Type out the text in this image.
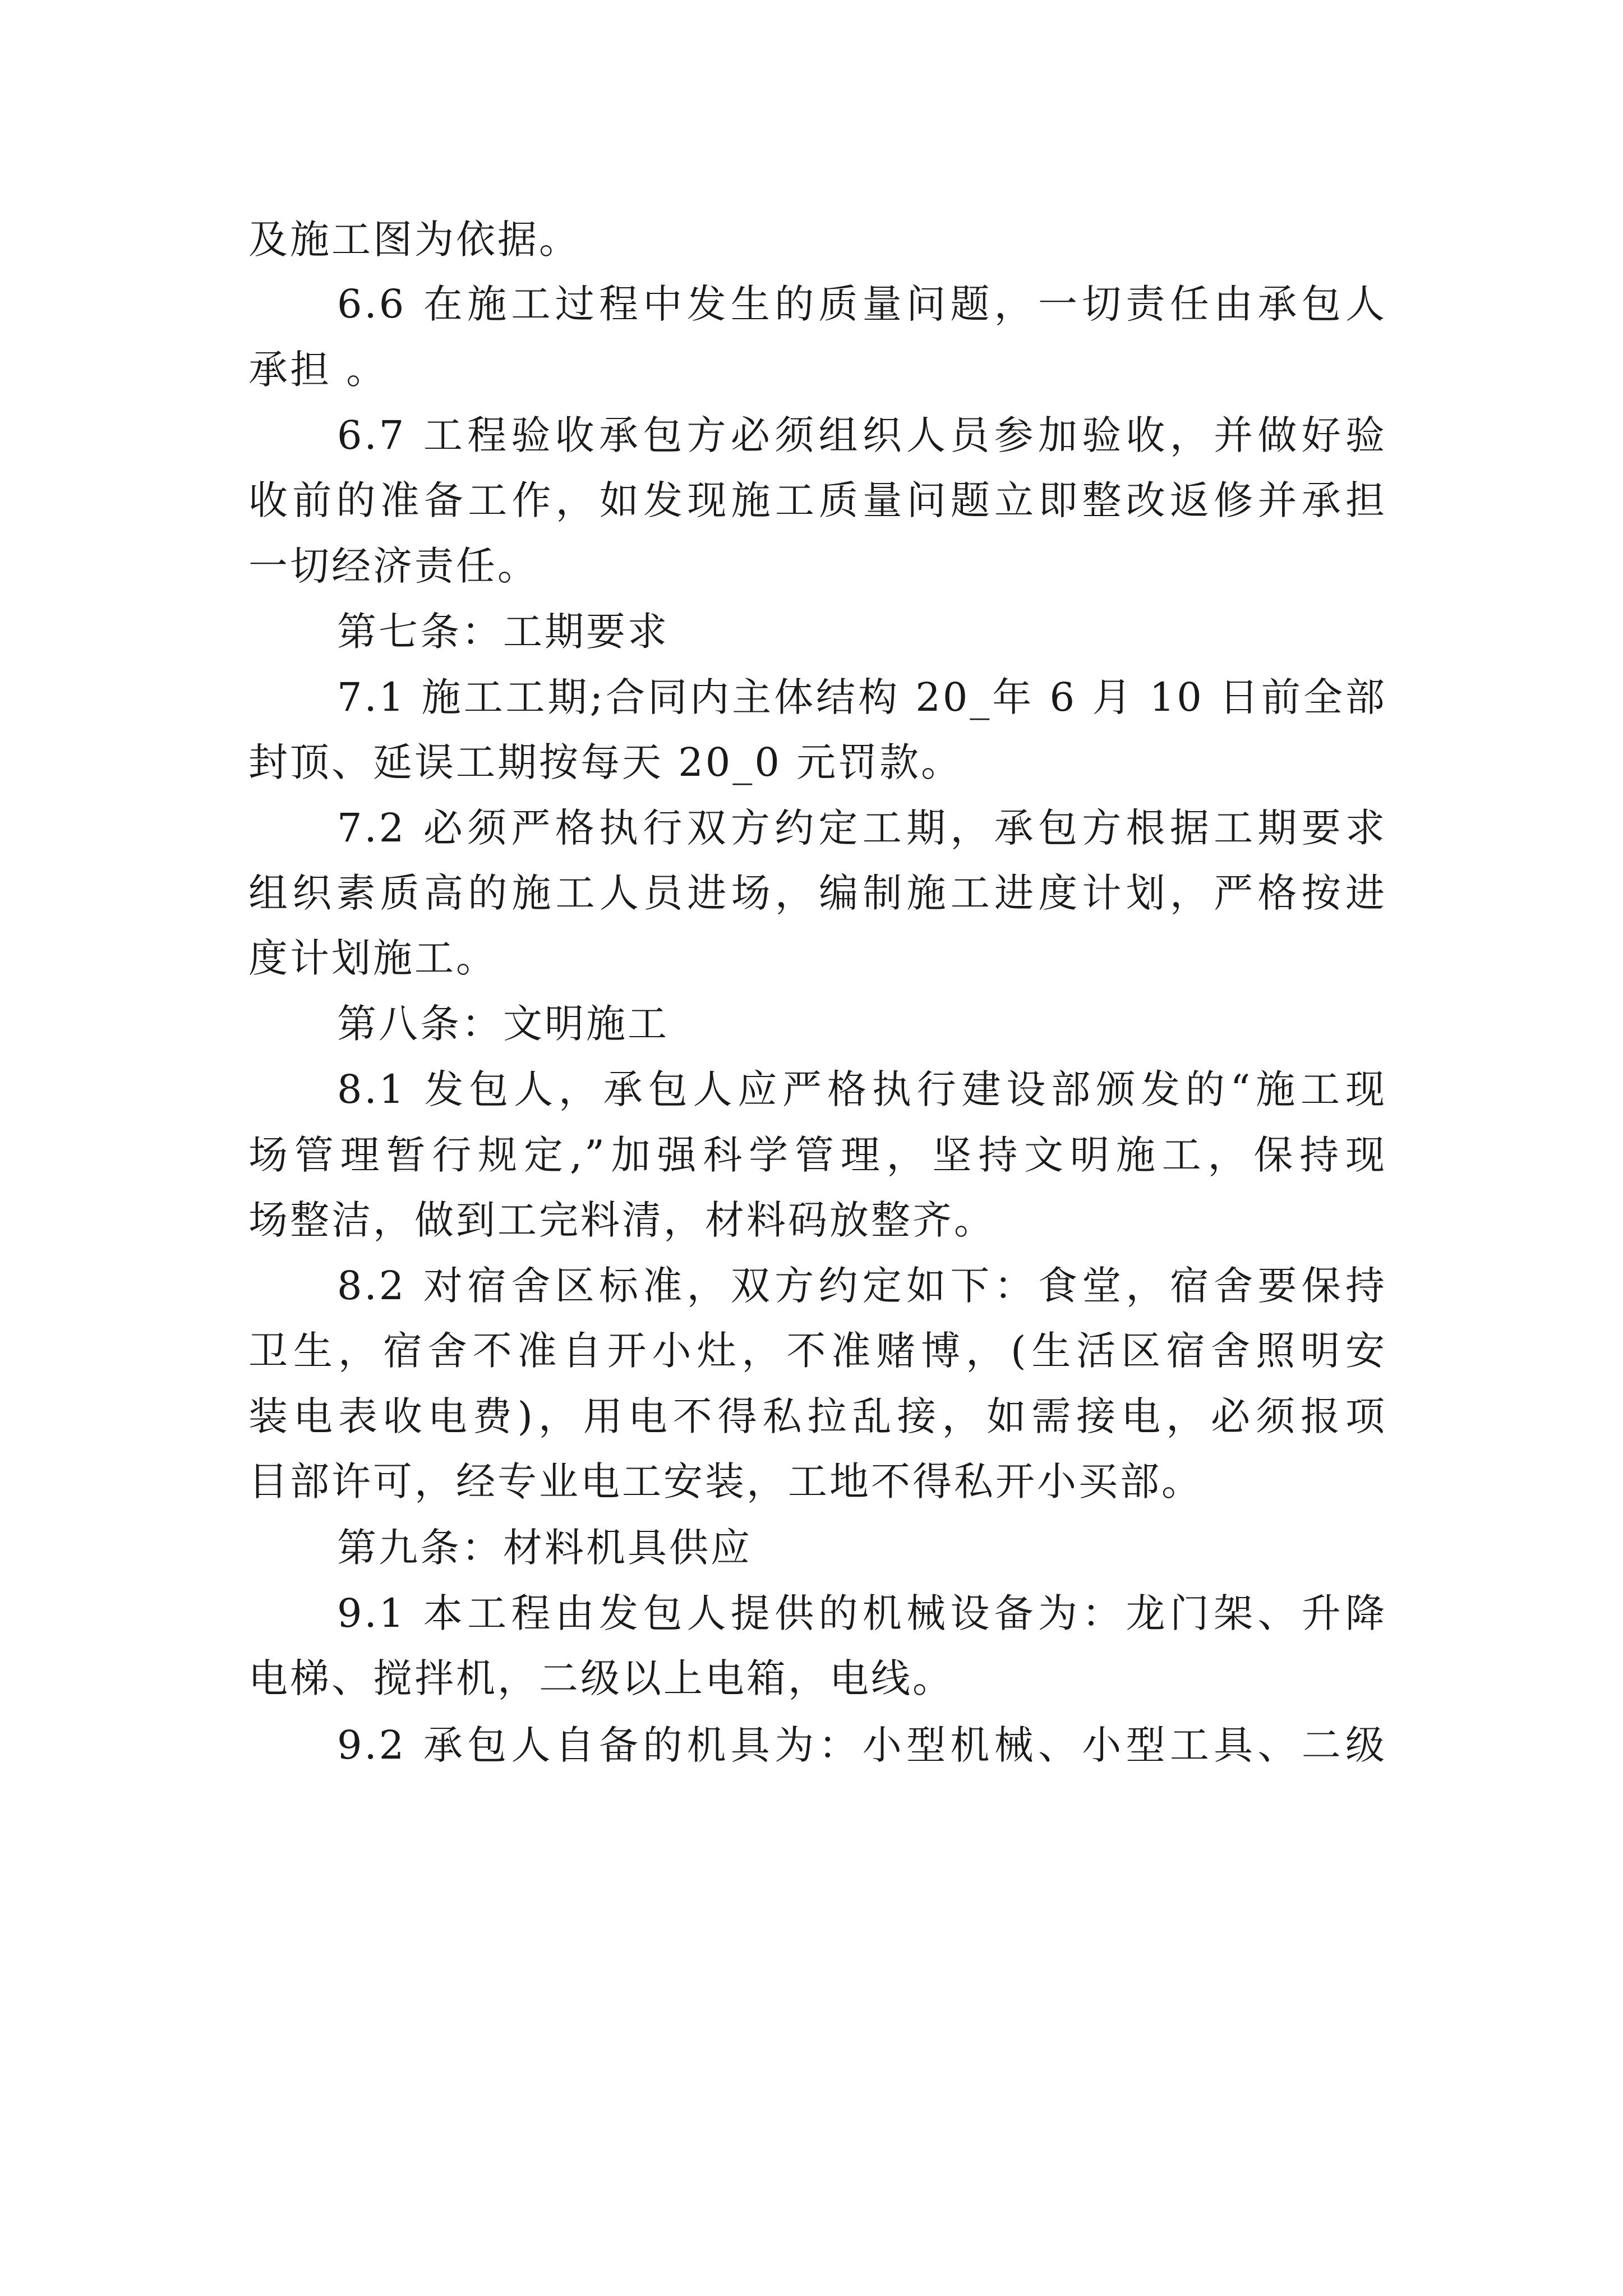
及施工图为依据。
6.6 在施工过程中发生的质量问题，一切责任由承包人
承担 。
6.7 工程验收承包方必须组织人员参加验收，并做好验
收前的准备工作，如发现施工质量问题立即整改返修并承担
一切经济责任。
第七条：工期要求
7.1 施工工期;合同内主体结构 20_年 6 月 10 日前全部
封顶、延误工期按每天 20_0 元罚款。
7.2 必须严格执行双方约定工期，承包方根据工期要求
组织素质高的施工人员进场，编制施工进度计划，严格按进
度计划施工。
第八条：文明施工
8.1 发包人，承包人应严格执行建设部颁发的“施工现
场管理暂行规定,”加强科学管理，坚持文明施工，保持现
场整洁，做到工完料清，材料码放整齐。
8.2 对宿舍区标准，双方约定如下：食堂，宿舍要保持
卫生，宿舍不准自开小灶，不准赌博，(生活区宿舍照明安
装电表收电费)，用电不得私拉乱接，如需接电，必须报项
目部许可，经专业电工安装，工地不得私开小买部。
第九条：材料机具供应
9.1 本工程由发包人提供的机械设备为：龙门架、升降
电梯、搅拌机，二级以上电箱，电线。
9.2 承包人自备的机具为：小型机械、小型工具、二级
